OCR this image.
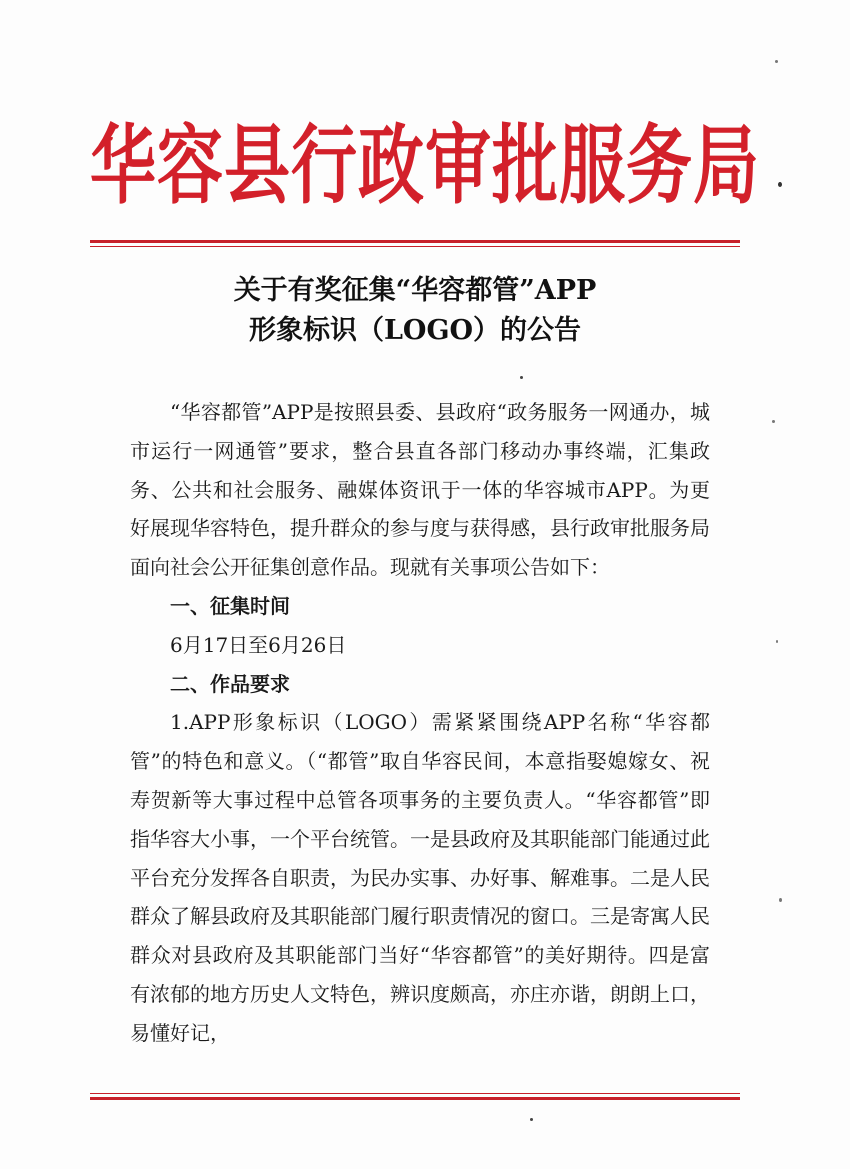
华容县行政审批服务局
关于有奖征集“华容都管”APP
形象标识（LOGO）的公告

“华容都管”APP是按照县委、县政府“政务服务一网通办，城市运行一网通管”要求，整合县直各部门移动办事终端，汇集政务、公共和社会服务、融媒体资讯于一体的华容城市APP。为更好展现华容特色，提升群众的参与度与获得感，县行政审批服务局面向社会公开征集创意作品。现就有关事项公告如下：

一、征集时间

6月17日至6月26日

二、作品要求

1.APP形象标识（LOGO）需紧紧围绕APP名称“华容都管”的特色和意义。（“都管”取自华容民间，本意指娶媳嫁女、祝寿贺新等大事过程中总管各项事务的主要负责人。“华容都管”即指华容大小事，一个平台统管。一是县政府及其职能部门能通过此平台充分发挥各自职责，为民办实事、办好事、解难事。二是人民群众了解县政府及其职能部门履行职责情况的窗口。三是寄寓人民群众对县政府及其职能部门当好“华容都管”的美好期待。四是富有浓郁的地方历史人文特色，辨识度颇高，亦庄亦谐，朗朗上口，易懂好记，
